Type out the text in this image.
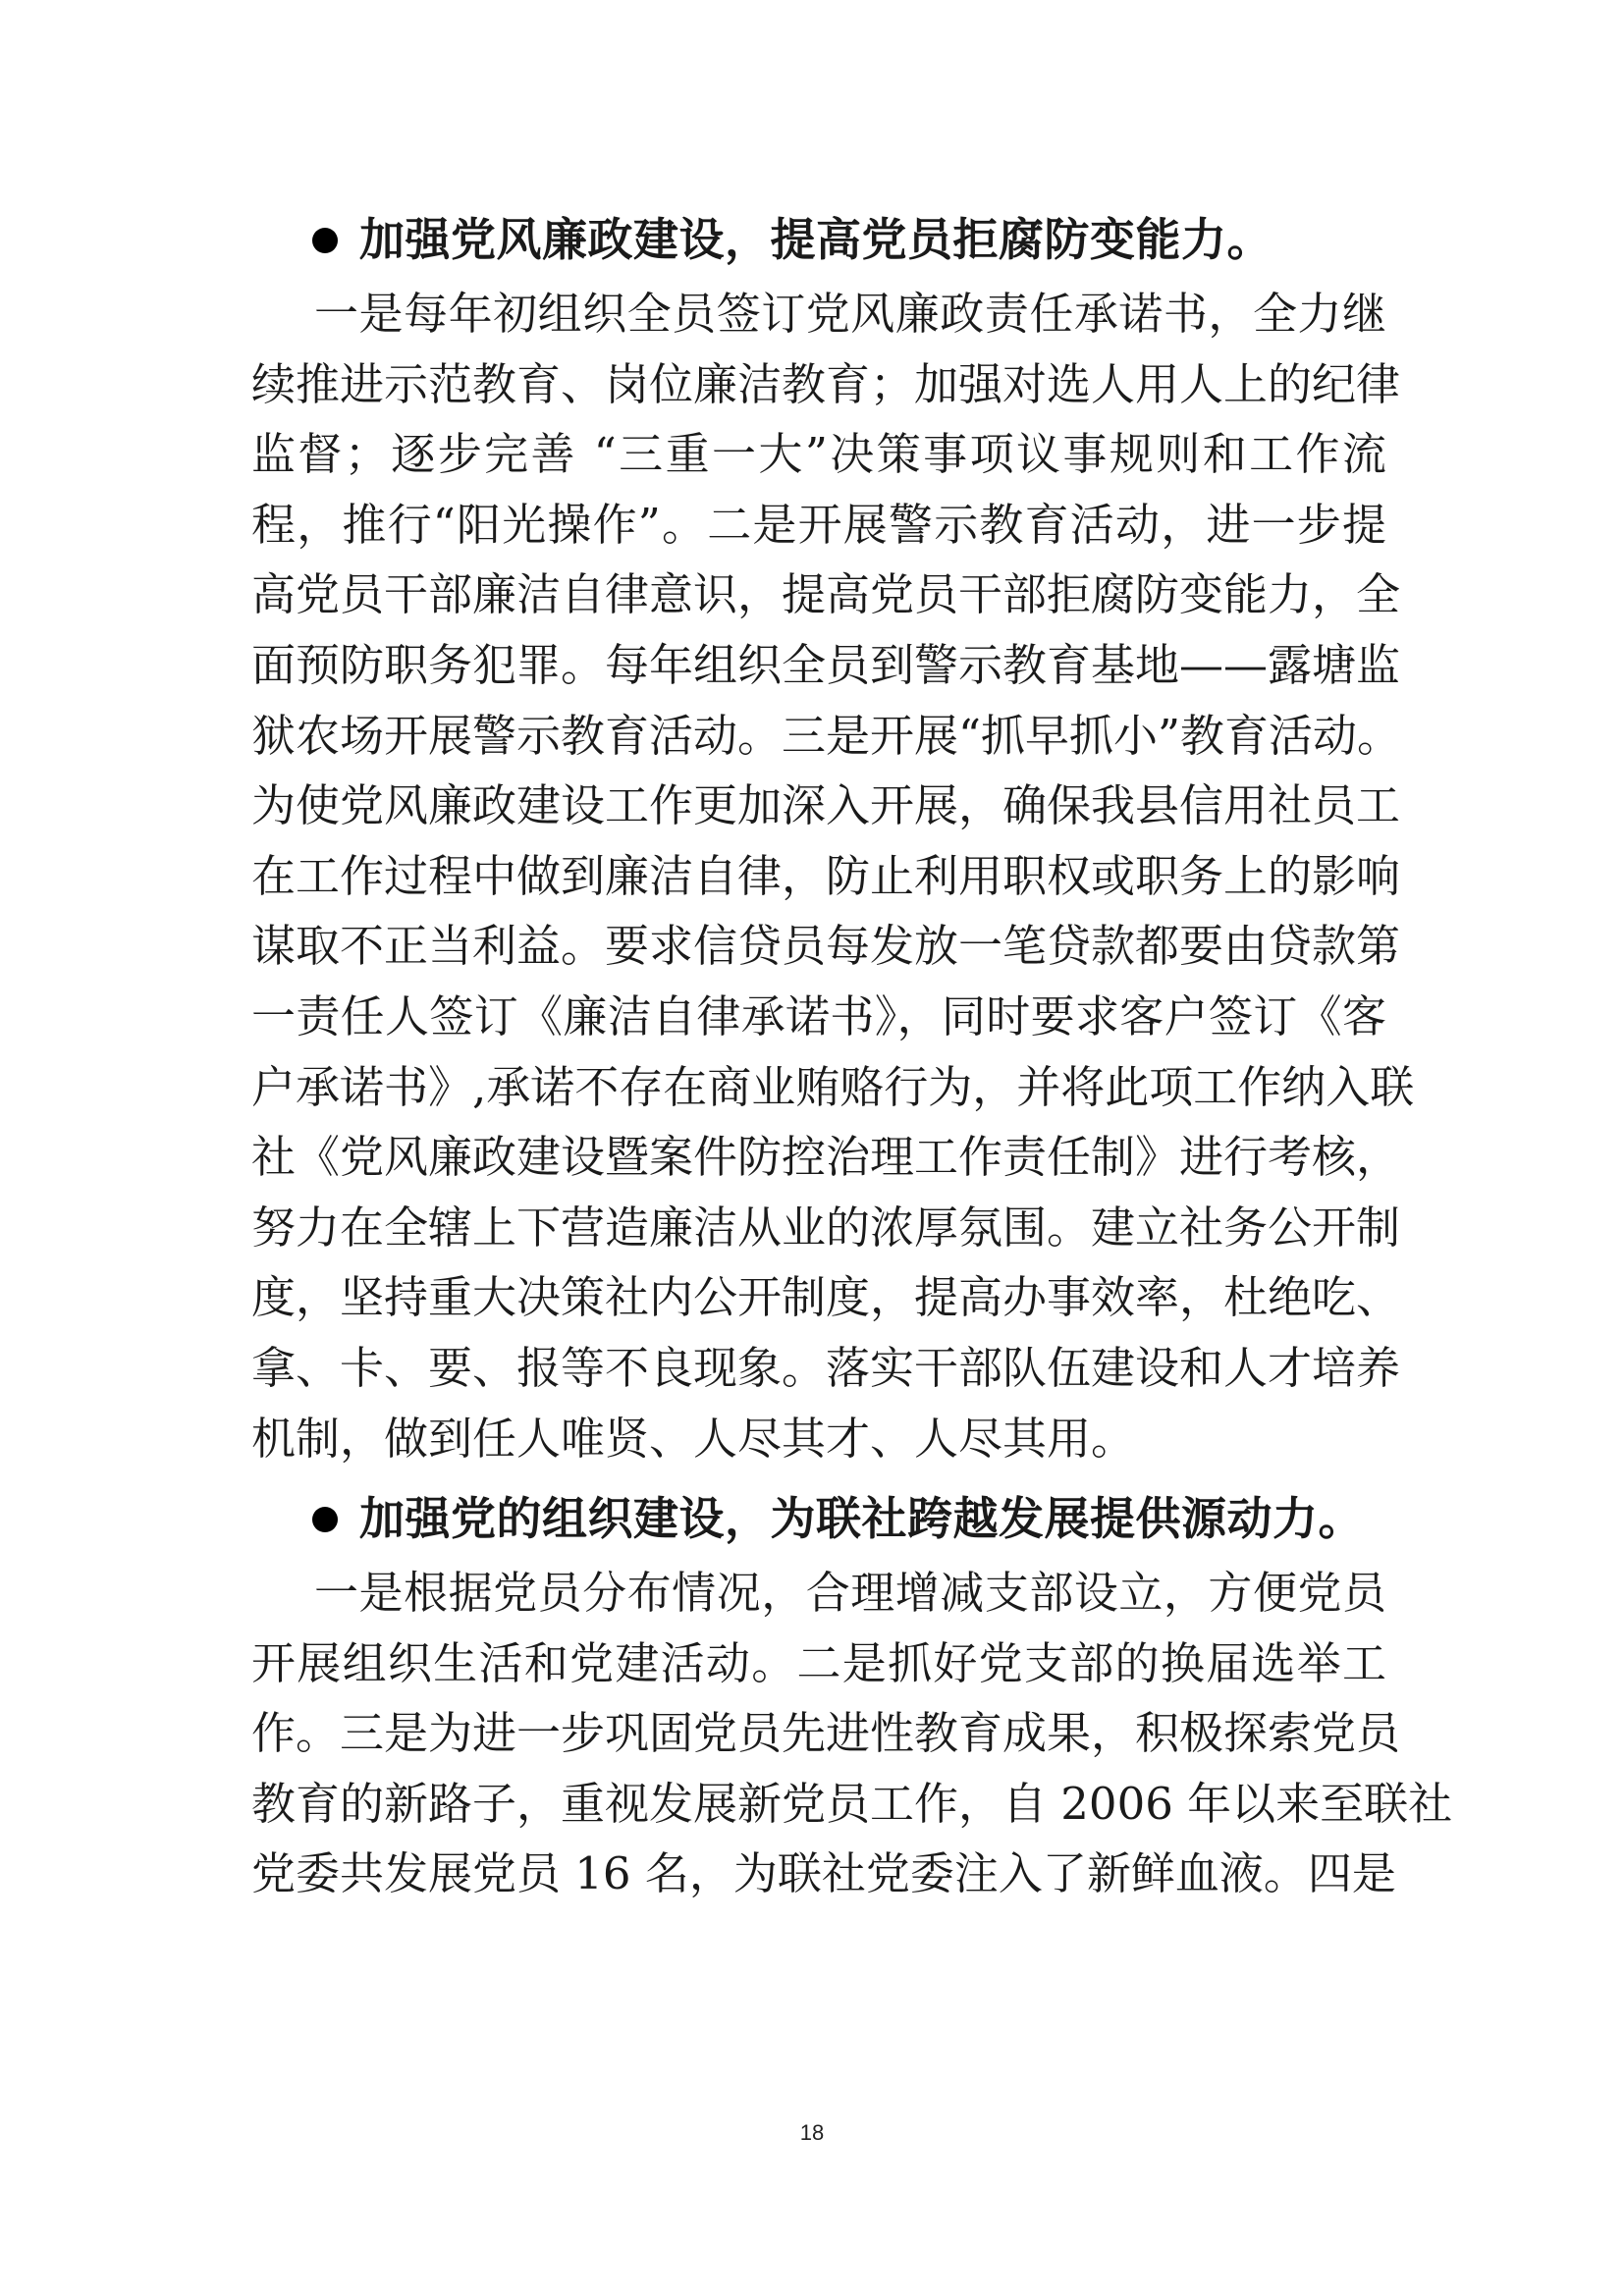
加强党风廉政建设，提高党员拒腐防变能力。
一是每年初组织全员签订党风廉政责任承诺书，全力继
续推进示范教育、岗位廉洁教育；加强对选人用人上的纪律
监督；逐步完善 “三重一大”决策事项议事规则和工作流
程，推行“阳光操作”。二是开展警示教育活动，进一步提
高党员干部廉洁自律意识，提高党员干部拒腐防变能力，全
面预防职务犯罪。每年组织全员到警示教育基地——露塘监
狱农场开展警示教育活动。三是开展“抓早抓小”教育活动。
为使党风廉政建设工作更加深入开展，确保我县信用社员工
在工作过程中做到廉洁自律，防止利用职权或职务上的影响
谋取不正当利益。要求信贷员每发放一笔贷款都要由贷款第
一责任人签订《廉洁自律承诺书》，同时要求客户签订《客
户承诺书》,承诺不存在商业贿赂行为，并将此项工作纳入联
社《党风廉政建设暨案件防控治理工作责任制》进行考核，
努力在全辖上下营造廉洁从业的浓厚氛围。建立社务公开制
度，坚持重大决策社内公开制度，提高办事效率，杜绝吃、
拿、卡、要、报等不良现象。落实干部队伍建设和人才培养
机制，做到任人唯贤、人尽其才、人尽其用。
加强党的组织建设，为联社跨越发展提供源动力。
一是根据党员分布情况，合理增减支部设立，方便党员
开展组织生活和党建活动。二是抓好党支部的换届选举工
作。三是为进一步巩固党员先进性教育成果，积极探索党员
教育的新路子，重视发展新党员工作，自 2006 年以来至联社
党委共发展党员 16 名，为联社党委注入了新鲜血液。四是
18
